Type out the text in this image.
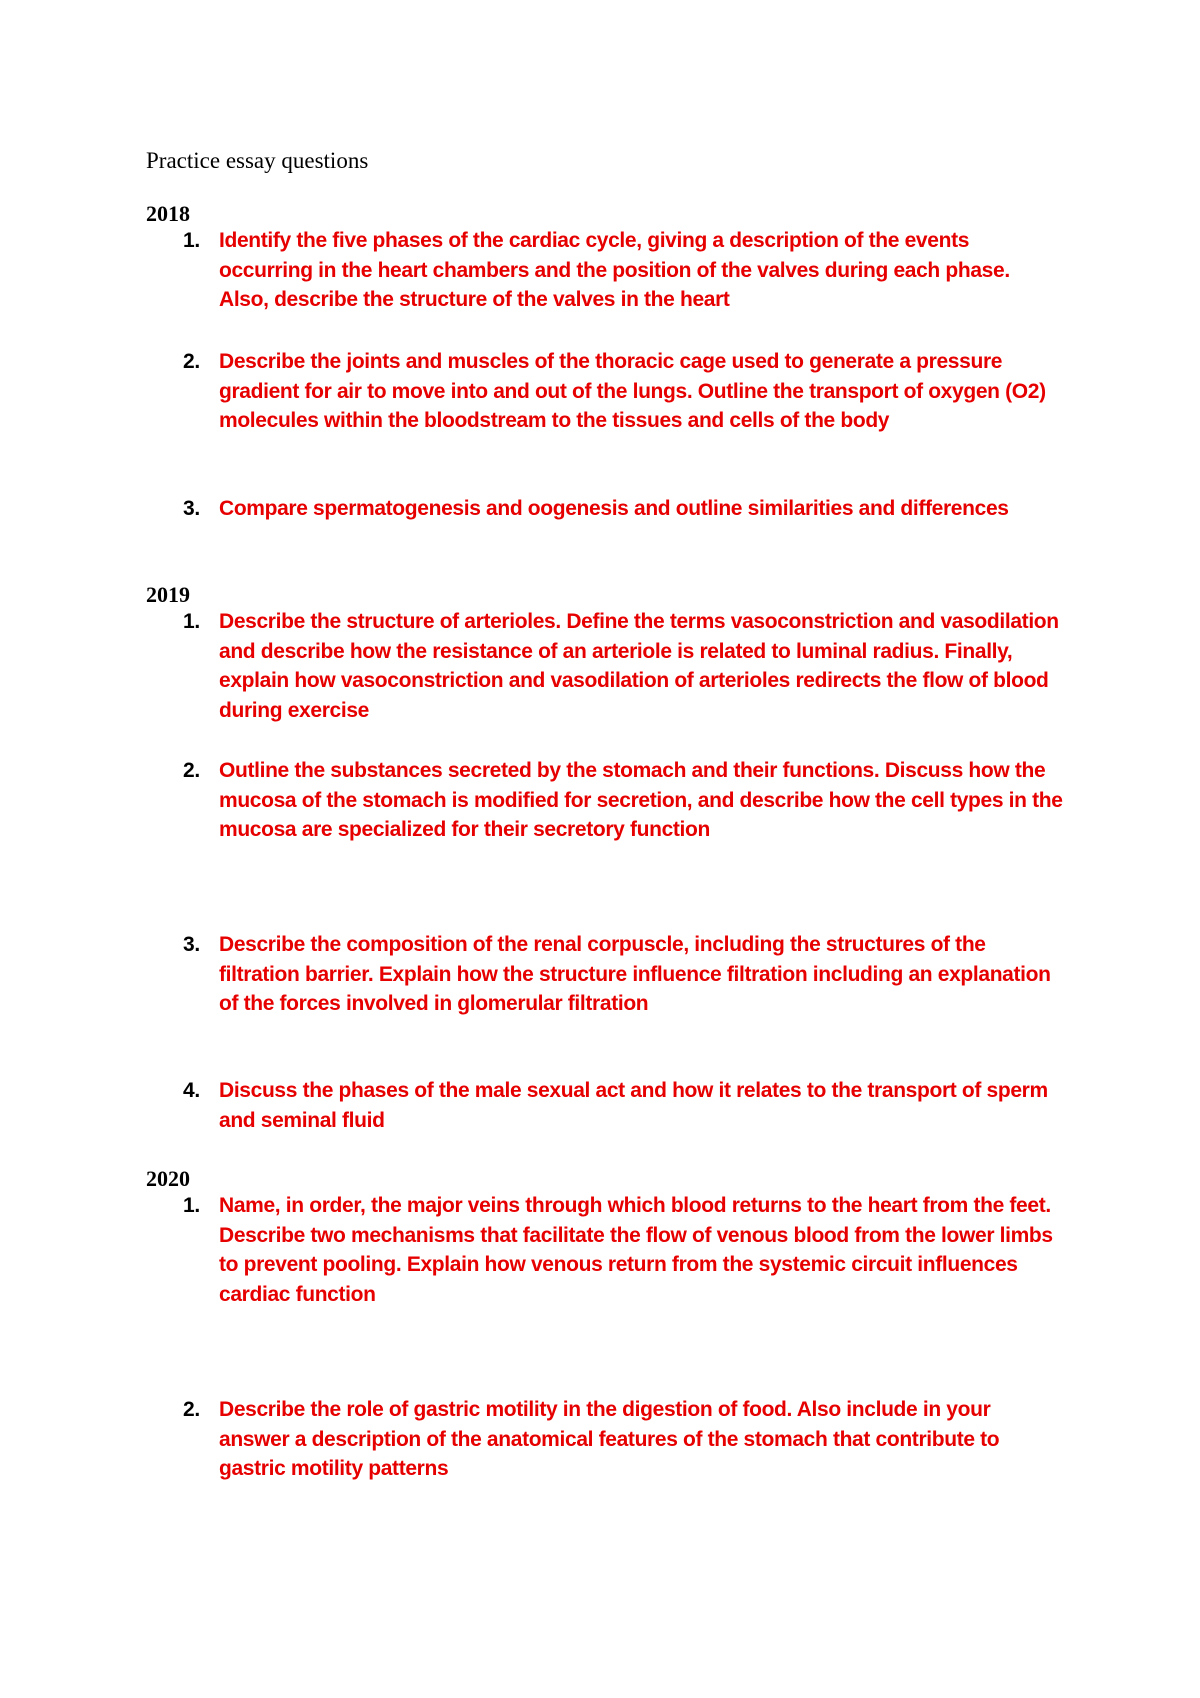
Practice essay questions
2018
1. Identify the five phases of the cardiac cycle, giving a description of the events occurring in the heart chambers and the position of the valves during each phase. Also, describe the structure of the valves in the heart
2. Describe the joints and muscles of the thoracic cage used to generate a pressure gradient for air to move into and out of the lungs. Outline the transport of oxygen (O2) molecules within the bloodstream to the tissues and cells of the body
3. Compare spermatogenesis and oogenesis and outline similarities and differences
2019
1. Describe the structure of arterioles. Define the terms vasoconstriction and vasodilation and describe how the resistance of an arteriole is related to luminal radius. Finally, explain how vasoconstriction and vasodilation of arterioles redirects the flow of blood during exercise
2. Outline the substances secreted by the stomach and their functions. Discuss how the mucosa of the stomach is modified for secretion, and describe how the cell types in the mucosa are specialized for their secretory function
3. Describe the composition of the renal corpuscle, including the structures of the filtration barrier. Explain how the structure influence filtration including an explanation of the forces involved in glomerular filtration
4. Discuss the phases of the male sexual act and how it relates to the transport of sperm and seminal fluid
2020
1. Name, in order, the major veins through which blood returns to the heart from the feet. Describe two mechanisms that facilitate the flow of venous blood from the lower limbs to prevent pooling. Explain how venous return from the systemic circuit influences cardiac function
2. Describe the role of gastric motility in the digestion of food. Also include in your answer a description of the anatomical features of the stomach that contribute to gastric motility patterns
